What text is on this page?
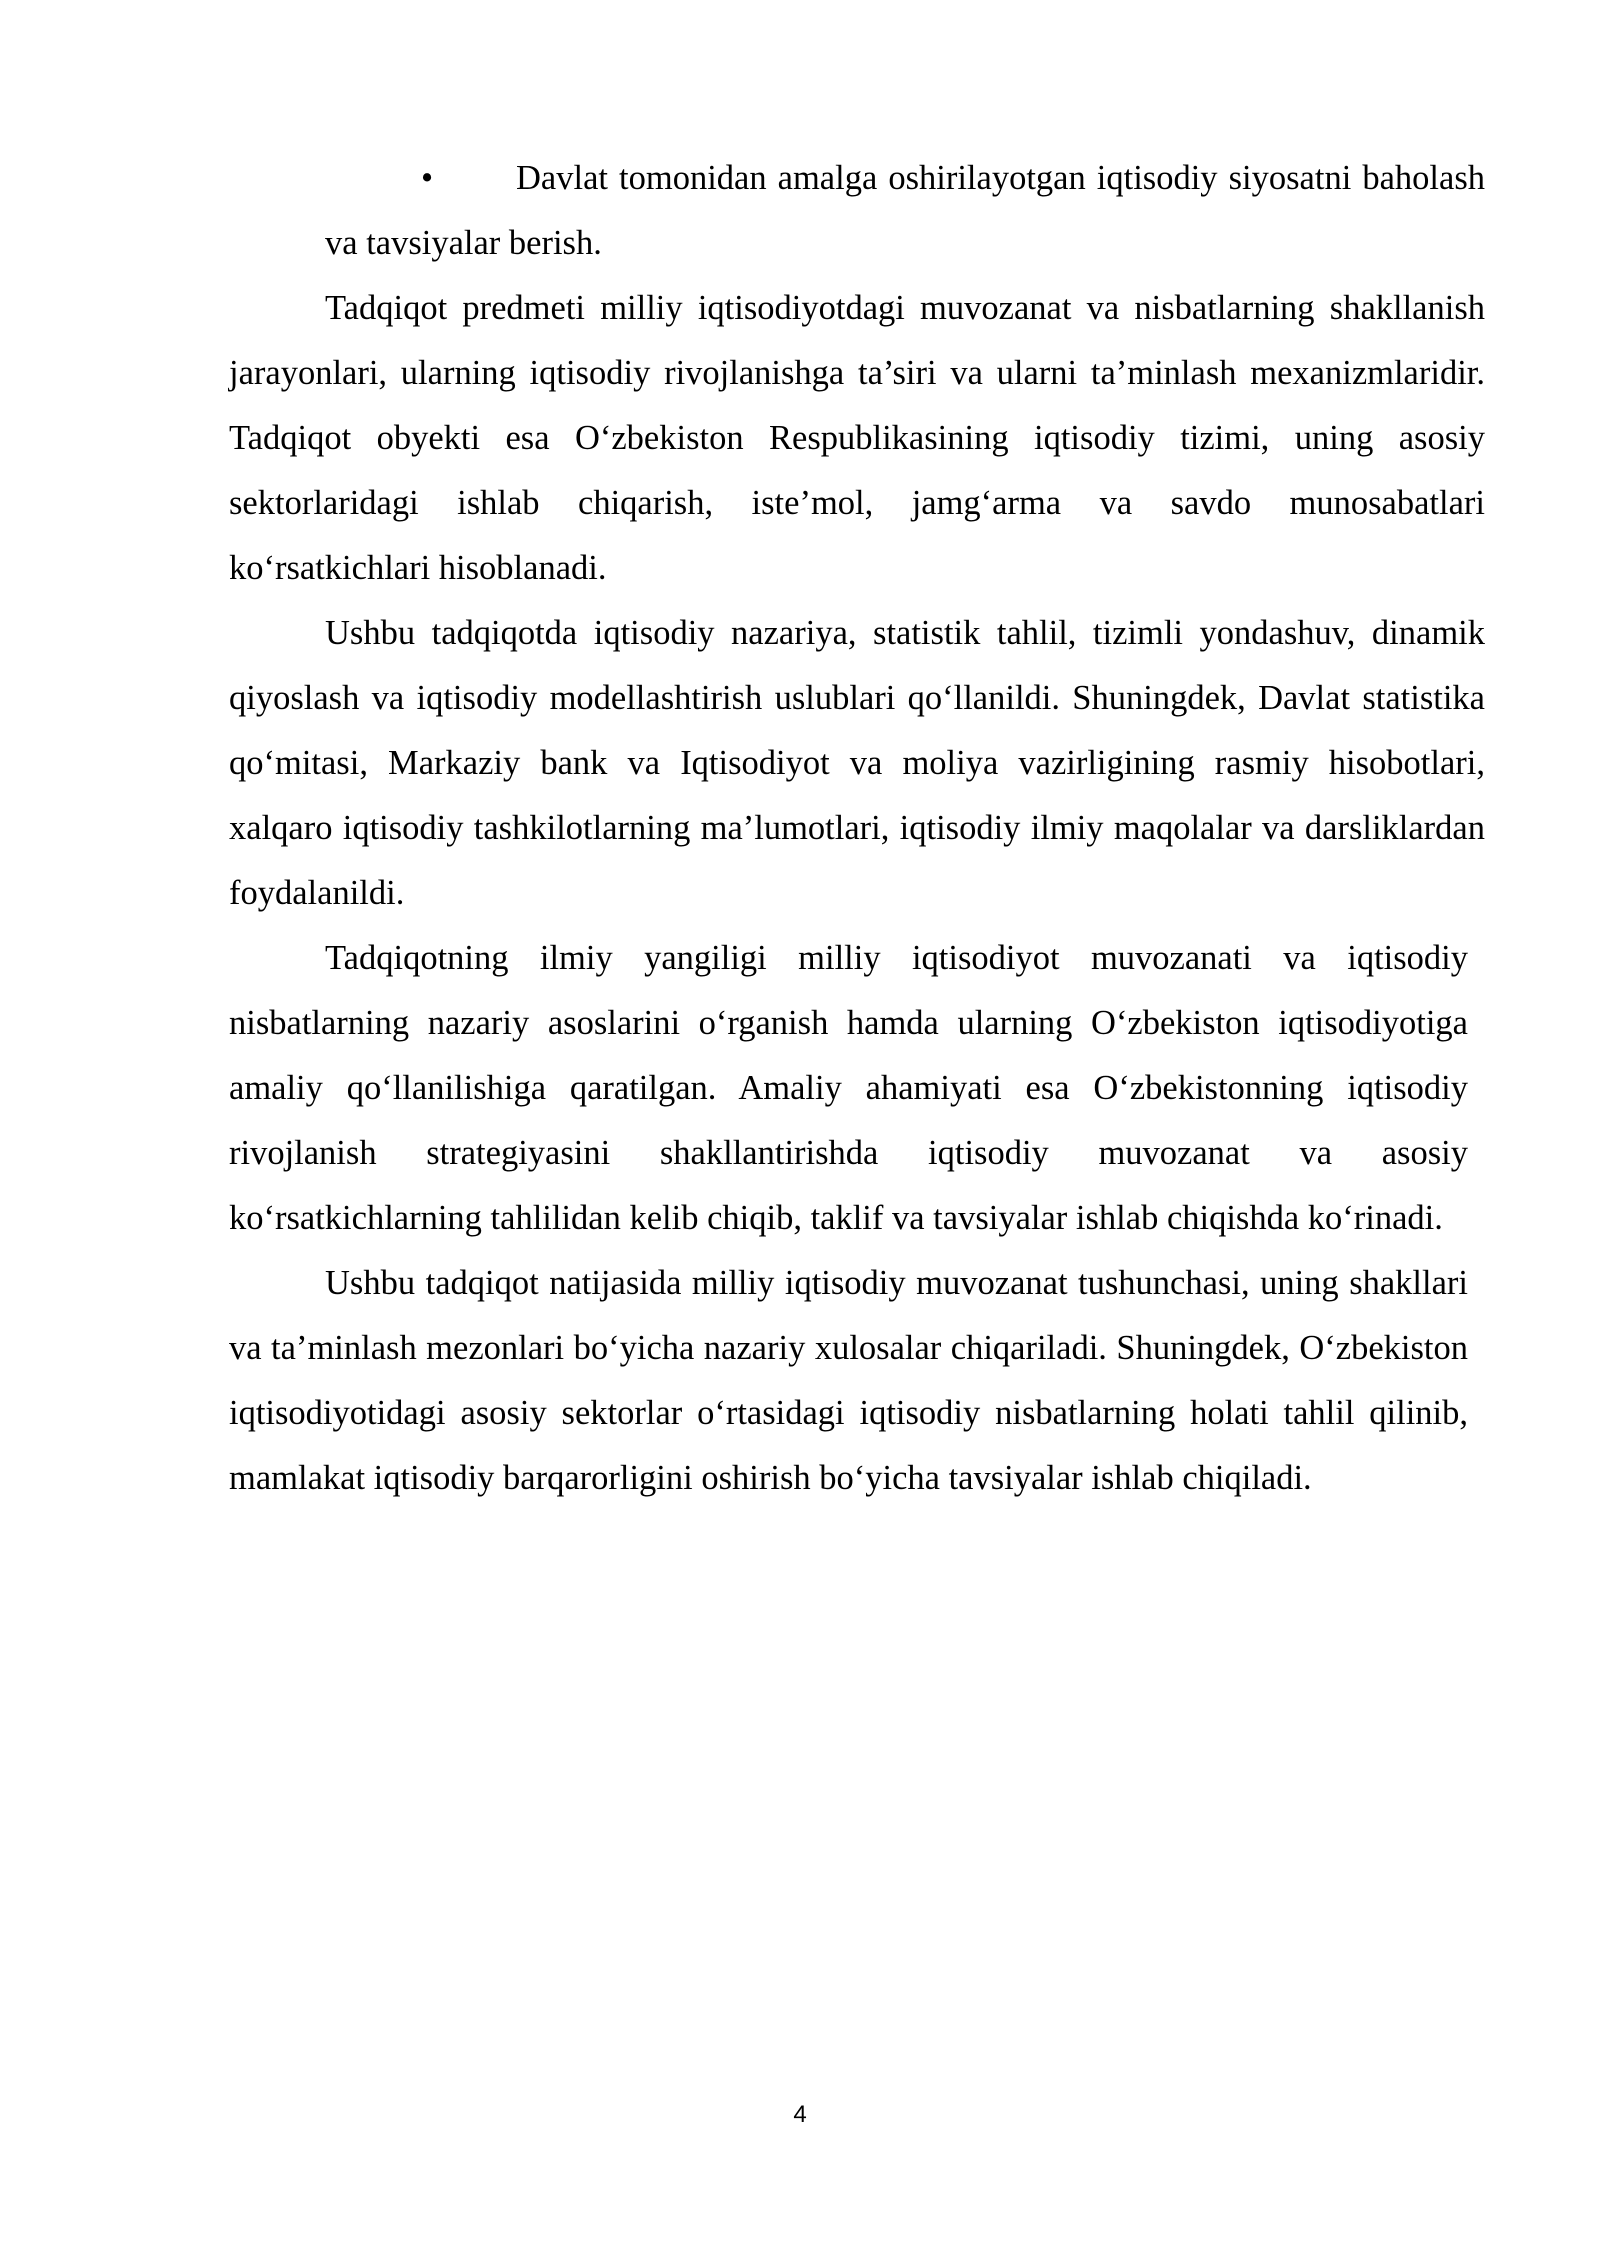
•	Davlat tomonidan amalga oshirilayotgan iqtisodiy siyosatni baholash va tavsiyalar berish.

Tadqiqot predmeti milliy iqtisodiyotdagi muvozanat va nisbatlarning shakllanish jarayonlari, ularning iqtisodiy rivojlanishga ta’siri va ularni ta’minlash mexanizmlaridir. Tadqiqot obyekti esa O‘zbekiston Respublikasining iqtisodiy tizimi, uning asosiy sektorlaridagi ishlab chiqarish, iste’mol, jamg‘arma va savdo munosabatlari ko‘rsatkichlari hisoblanadi.

Ushbu tadqiqotda iqtisodiy nazariya, statistik tahlil, tizimli yondashuv, dinamik qiyoslash va iqtisodiy modellashtirish uslublari qo‘llanildi. Shuningdek, Davlat statistika qo‘mitasi, Markaziy bank va Iqtisodiyot va moliya vazirligining rasmiy hisobotlari, xalqaro iqtisodiy tashkilotlarning ma’lumotlari, iqtisodiy ilmiy maqolalar va darsliklardan foydalanildi.

Tadqiqotning ilmiy yangiligi milliy iqtisodiyot muvozanati va iqtisodiy nisbatlarning nazariy asoslarini o‘rganish hamda ularning O‘zbekiston iqtisodiyotiga amaliy qo‘llanilishiga qaratilgan. Amaliy ahamiyati esa O‘zbekistonning iqtisodiy rivojlanish strategiyasini shakllantirishda iqtisodiy muvozanat va asosiy ko‘rsatkichlarning tahlilidan kelib chiqib, taklif va tavsiyalar ishlab chiqishda ko‘rinadi.

Ushbu tadqiqot natijasida milliy iqtisodiy muvozanat tushunchasi, uning shakllari va ta’minlash mezonlari bo‘yicha nazariy xulosalar chiqariladi. Shuningdek, O‘zbekiston iqtisodiyotidagi asosiy sektorlar o‘rtasidagi iqtisodiy nisbatlarning holati tahlil qilinib, mamlakat iqtisodiy barqarorligini oshirish bo‘yicha tavsiyalar ishlab chiqiladi.

4
